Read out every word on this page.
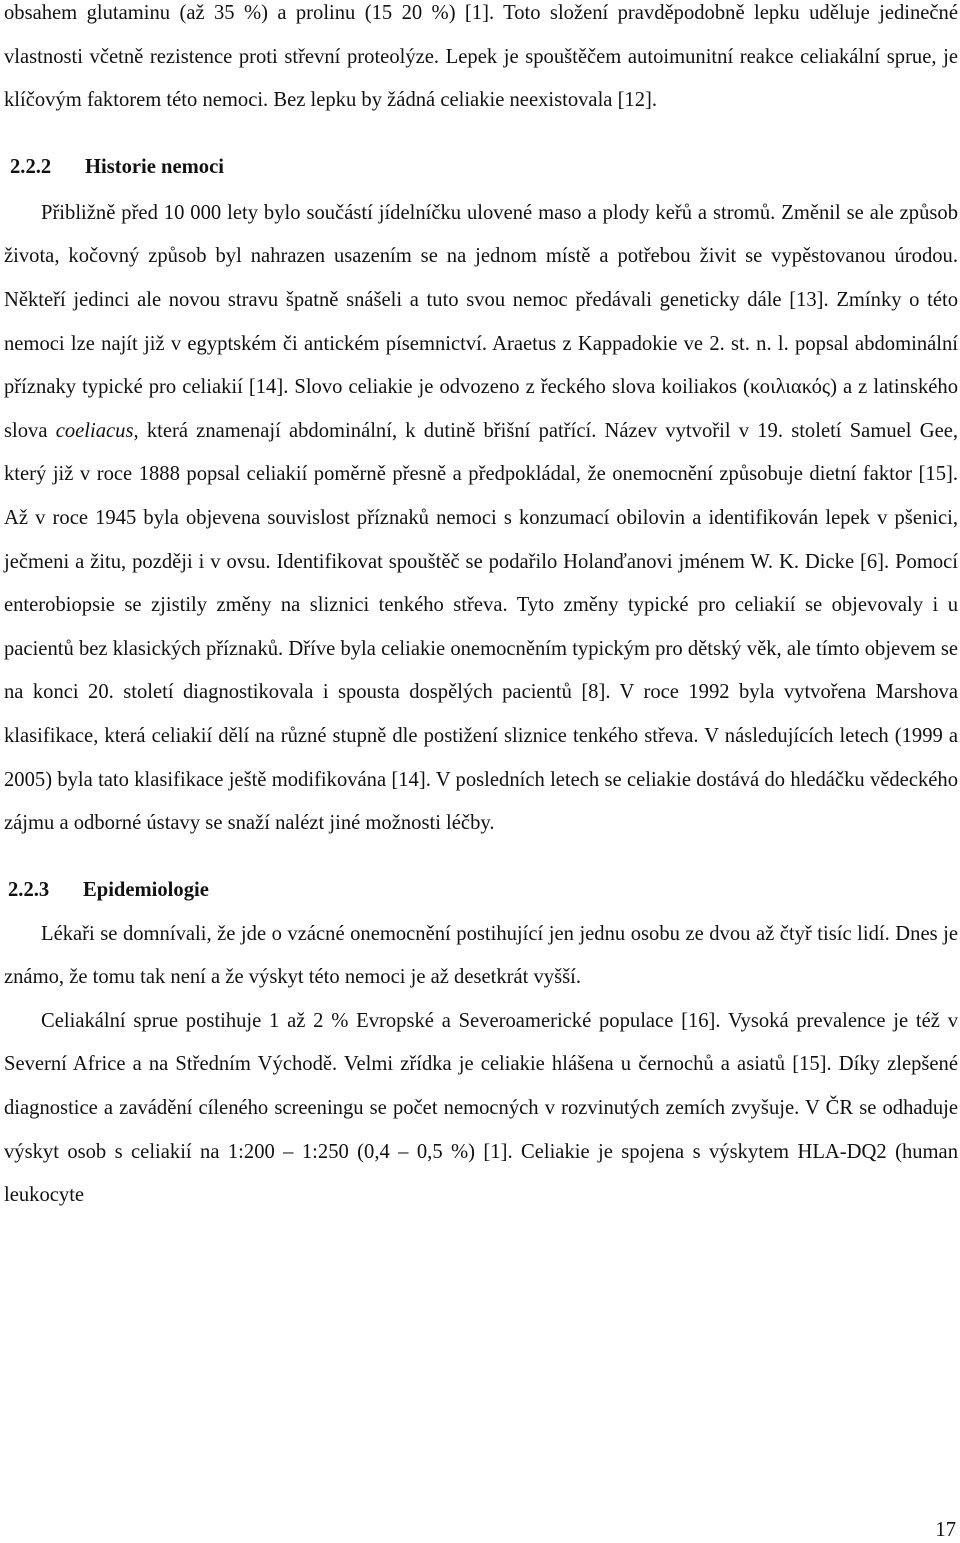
obsahem glutaminu (až 35 %) a prolinu (15 20 %) [1]. Toto složení pravděpodobně lepku uděluje jedinečné vlastnosti včetně rezistence proti střevní proteolýze. Lepek je spouštěčem autoimunitní reakce celiakální sprue, je klíčovým faktorem této nemoci. Bez lepku by žádná celiakie neexistovala [12].

2.2.2 Historie nemoci

Přibližně před 10 000 lety bylo součástí jídelníčku ulovené maso a plody keřů a stromů. Změnil se ale způsob života, kočovný způsob byl nahrazen usazením se na jednom místě a potřebou živit se vypěstovanou úrodou. Někteří jedinci ale novou stravu špatně snášeli a tuto svou nemoc předávali geneticky dále [13]. Zmínky o této nemoci lze najít již v egyptském či antickém písemnictví. Araetus z Kappadokie ve 2. st. n. l. popsal abdominální příznaky typické pro celiakií [14]. Slovo celiakie je odvozeno z řeckého slova koiliakos (κοιλιακός) a z latinského slova coeliacus, která znamenají abdominální, k dutině břišní patřící. Název vytvořil v 19. století Samuel Gee, který již v roce 1888 popsal celiakií poměrně přesně a předpokládal, že onemocnění způsobuje dietní faktor [15]. Až v roce 1945 byla objevena souvislost příznaků nemoci s konzumací obilovin a identifikován lepek v pšenici, ječmeni a žitu, později i v ovsu. Identifikovat spouštěč se podařilo Holanďanovi jménem W. K. Dicke [6]. Pomocí enterobiopsie se zjistily změny na sliznici tenkého střeva. Tyto změny typické pro celiakií se objevovaly i u pacientů bez klasických příznaků. Dříve byla celiakie onemocněním typickým pro dětský věk, ale tímto objevem se na konci 20. století diagnostikovala i spousta dospělých pacientů [8]. V roce 1992 byla vytvořena Marshova klasifikace, která celiakií dělí na různé stupně dle postižení sliznice tenkého střeva. V následujících letech (1999 a 2005) byla tato klasifikace ještě modifikována [14]. V posledních letech se celiakie dostává do hledáčku vědeckého zájmu a odborné ústavy se snaží nalézt jiné možnosti léčby.

2.2.3 Epidemiologie

Lékaři se domnívali, že jde o vzácné onemocnění postihující jen jednu osobu ze dvou až čtyř tisíc lidí. Dnes je známo, že tomu tak není a že výskyt této nemoci je až desetkrát vyšší.

Celiakální sprue postihuje 1 až 2 % Evropské a Severoamerické populace [16]. Vysoká prevalence je též v Severní Africe a na Středním Východě. Velmi zřídka je celiakie hlášena u černochů a asiatů [15]. Díky zlepšené diagnostice a zavádění cíleného screeningu se počet nemocných v rozvinutých zemích zvyšuje. V ČR se odhaduje výskyt osob s celiakií na 1:200 – 1:250 (0,4 – 0,5 %) [1]. Celiakie je spojena s výskytem HLA-DQ2 (human leukocyte

17
